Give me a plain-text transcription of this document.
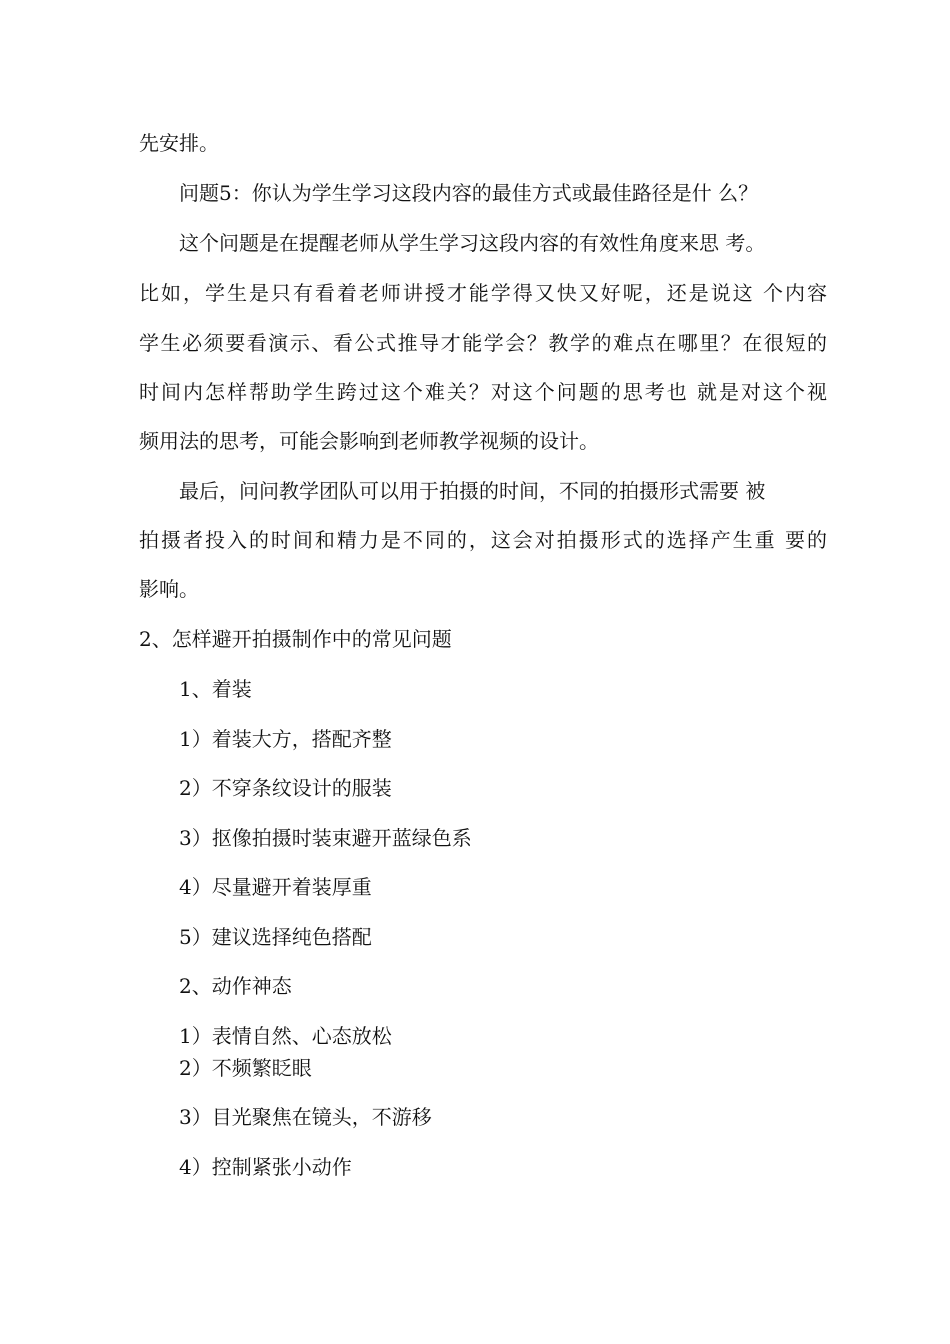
先安排。
问题5：你认为学生学习这段内容的最佳方式或最佳路径是什 么？
这个问题是在提醒老师从学生学习这段内容的有效性角度来思 考。
比如，学生是只有看着老师讲授才能学得又快又好呢，还是说这 个内容
学生必须要看演示、看公式推导才能学会？教学的难点在哪里？在很短的
时间内怎样帮助学生跨过这个难关？对这个问题的思考也 就是对这个视
频用法的思考，可能会影响到老师教学视频的设计。
最后，问问教学团队可以用于拍摄的时间，不同的拍摄形式需要 被
拍摄者投入的时间和精力是不同的，这会对拍摄形式的选择产生重 要的
影响。
2、怎样避开拍摄制作中的常见问题
1、着装
1）着装大方，搭配齐整
2）不穿条纹设计的服装
3）抠像拍摄时装束避开蓝绿色系
4）尽量避开着装厚重
5）建议选择纯色搭配
2、动作神态
1）表情自然、心态放松
2）不频繁眨眼
3）目光聚焦在镜头，不游移
4）控制紧张小动作
